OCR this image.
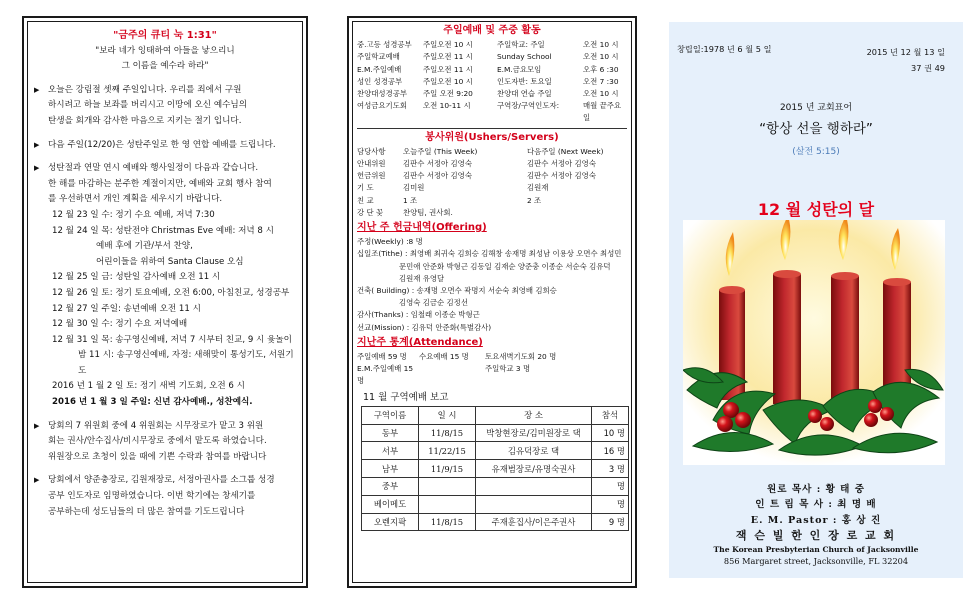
"금주의 큐티 눅 1:31"
"보라 네가 잉태하여 아들을 낳으리니
그 이름을 예수라 하라"
▶ 오늘은 강림절 셋째 주일입니다. 우리를 죄에서 구원
하시려고 하늘 보좌를 버리시고 이땅에 오신 예수님의
탄생을 회개와 감사한 마음으로 지키는 절기 입니다.
▶ 다음 주일(12/20)은 성탄주일로 한 영 연합 예배를 드립니다.
▶ 성탄절과 연말 연시 예배와 행사일정이 다음과 같습니다.
한 해를 마감하는 분주한 계절이지만, 예배와 교회 행사 참여
를 우선하면서 개인 계획을 세우시기 바랍니다.
12 월 23 일 수: 정기 수요 예배, 저녁 7:30
12 월 24 일 목: 성탄전야 Christmas Eve 예배: 저녁 8 시
예배 후에 기관/부서 찬양,
어린이들을 위하여 Santa Clause 오심
12 월 25 일 금: 성탄일 감사예배 오전 11 시
12 월 26 일 토: 정기 토요예배, 오전 6:00, 아침친교, 성경공부
12 월 27 일 주일: 송년예배 오전 11 시
12 월 30 일 수: 정기 수요 저녁예배
12 월 31 일 목: 송구영신예배, 저녁 7 시부터 친교, 9 시 윷놀이
밤 11 시: 송구영신예배, 자정: 새해맞이 통성기도, 서원기도
2016 년 1 월 2 일 토: 정기 새벽 기도회, 오전 6 시
2016 년 1 월 3 일 주일: 신년 감사예배., 성찬예식.
▶ 당회의 7 위원회 중에 4 위원회는 시무장로가 맡고 3 위원
회는 권사/안수집사/비시무장로 중에서 맡도록 하였습니다.
위원장으로 초청이 있을 때에 기쁜 수락과 참여를 바랍니다
▶ 당회에서 양준충장로, 김원재장로, 서정아권사를 소그룹 성경
공부 인도자로 임명하였습니다. 이번 학기에는 창세기를
공부하는데 성도님들의 더 많은 참여를 기도드립니다
주일예배 및 주중 활동
중.고등 성경공부	주일오전 10 시	주일학교: 주일	오전 10 시
주일학교예배	주일오전 11 시	Sunday School	오전 10 시
E.M.주일예배	주일오전 11 시	E.M.금요모임	오후 6 :30
성인 성경공부	주일오전 10 시	인도자반: 토요일	오전 7 :30
찬양대성경공부	주일 오전 9:20	찬양대 연습 주일	오전 10 시
여성금요기도회	오전 10-11 시	구역장/구역인도자:	매월 끝주요일
봉사위원(Ushers/Servers)
담당사항	오늘주일 (This Week)	다음주일 (Next Week)
안내위원	김판수 서정아 김영숙	김판수 서정아 김영숙
헌금위원	김판수 서정아 김영숙	김판수 서정아 김영숙
기 도	김미원	김원재
친 교	1 조	2 조
강 단 꽃	찬양팀, 권사회.
지난 주 헌금내역(Offering)
주정(Weekly) :8 명
십일조(Tithe) : 최영배 최귀숙 김희승 김해창 송재명 최성남 이용상 오면수 최성민
문민애 안준화 박형근 김동일 김재순 양준충 이종순 서순숙 김유덕
김원재 유영달
건축( Building) : 송재명 오면수 곽명지 서순숙 최영배 김희승
김영숙 김금순 김정선
감사(Thanks) : 임철래 이종순 박형근
선교(Mission) : 김유덕 안준화(특별감사)
지난주 통계(Attendance)
주일예배 59 명	수요예배 15 명	토요새벽기도회 20 명
E.M.주일예배 15 명
주일학교 3 명
11 월 구역예배 보고
구역이름	일 시	장 소	참석
동부	11/8/15	박창현장로/김미원장로 댁	10 명
서부	11/22/15	김유덕장로 댁	16 명
남부	11/9/15	유재범장로/유명숙권사	3 명
중부			명
베이메도			명
오렌지팍	11/8/15	주재훈집사/이은주권사	9 명
창립일:1978 년 6 월 5 일	2015 년 12 월 13 일
37 권 49
2015 년 교회표어
“항상 선을 행하라”
(살전 5:15)
12 월 성탄의 달
원로 목사 : 황 태 중
인 트 림 목 사 : 최 명 배
E. M. Pastor : 홍 상 진
잭 슨 빌 한 인 장 로 교 회
The Korean Presbyterian Church of Jacksonville
856 Margaret street, Jacksonville, FL 32204
